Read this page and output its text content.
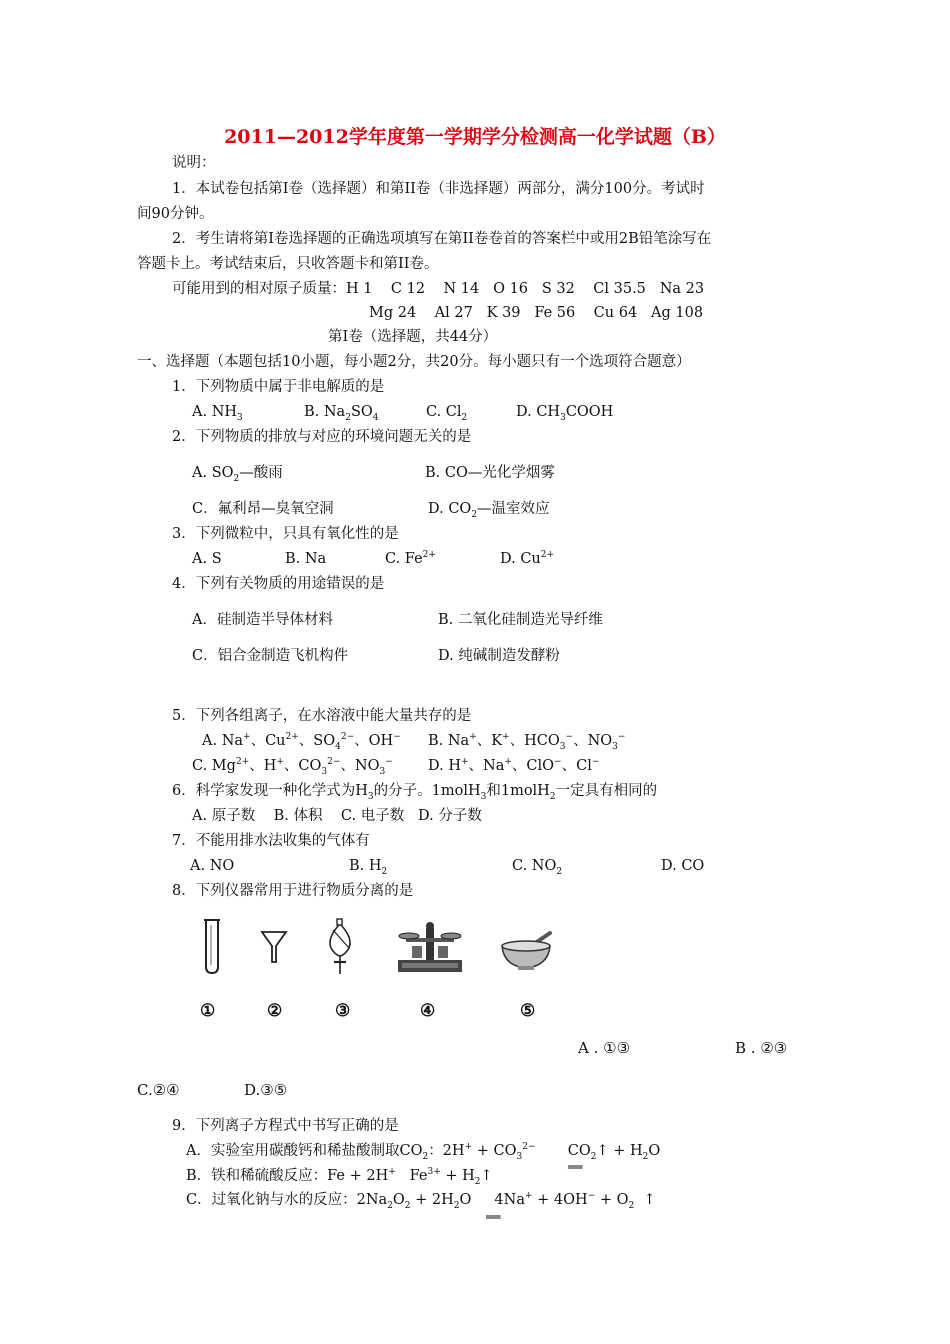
2011—2012学年度第一学期学分检测高一化学试题（B）
说明：
1．本试卷包括第Ⅰ卷（选择题）和第II卷（非选择题）两部分，满分100分。考试时
间90分钟。
2．考生请将第Ⅰ卷选择题的正确选项填写在第II卷卷首的答案栏中或用2B铅笔涂写在
答题卡上。考试结束后，只收答题卡和第II卷。
可能用到的相对原子质量：H 1    C 12    N 14   O 16   S 32    Cl 35.5   Na 23
Mg 24    Al 27   K 39   Fe 56    Cu 64   Ag 108
第Ⅰ卷（选择题，共44分）
一、选择题（本题包括10小题，每小题2分，共20分。每小题只有一个选项符合题意）
1．下列物质中属于非电解质的是
A. $NH_3$	B. $Na_2SO_4$	C. $Cl_2$	D. $CH_3COOH$
2．下列物质的排放与对应的环境问题无关的是
A. $SO_2—$酸雨	B. CO—光化学烟雾
C．氟利昂—臭氧空洞	D. $CO_2—$温室效应
3．下列微粒中，只具有氧化性的是
A. S	B. Na	C. $Fe^{2+}$	D. $Cu^{2+}$
4．下列有关物质的用途错误的是
A．硅制造半导体材料	B. 二氧化硅制造光导纤维
C．铝合金制造飞机构件	D. 纯碱制造发酵粉
5．下列各组离子，在水溶液中能大量共存的是
A. Na+、$Cu^{2+}$、$SO_4^{2-}$、OH− B. Na+、K+、$HCO_3^-$、$NO_3^-$
C. $Mg^{2+}$、H+、$CO_3^{2-}$、$NO_3^-$ D. H+、Na+、ClO−、Cl−
6．科学家发现一种化学式为$H_3$的分子。1molH$_3$和1molH$_2$一定具有相同的
A. 原子数    B. 体积    C. 电子数   D. 分子数
7．不能用排水法收集的气体有
A. NO	B. $H_2$	C. $NO_2$	D. CO
8．下列仪器常用于进行物质分离的是
①	②	③	④	⑤
A . ①③	B . ②③
C.②④	D.③⑤
9．下列离子方程式中书写正确的是
A．实验室用碳酸钙和稀盐酸制取$CO_2$：$2H^+ + CO_3^{2-}$       $CO_2↑ + H_2O$
══
B．铁和稀硫酸反应：Fe + 2H+   $Fe^{3+}$ + $H_2↑$
C．过氧化钠与水的反应：$2Na_2O_2 + 2H_2O$     $4Na^+ + 4OH^- + O_2$ ↑
══
